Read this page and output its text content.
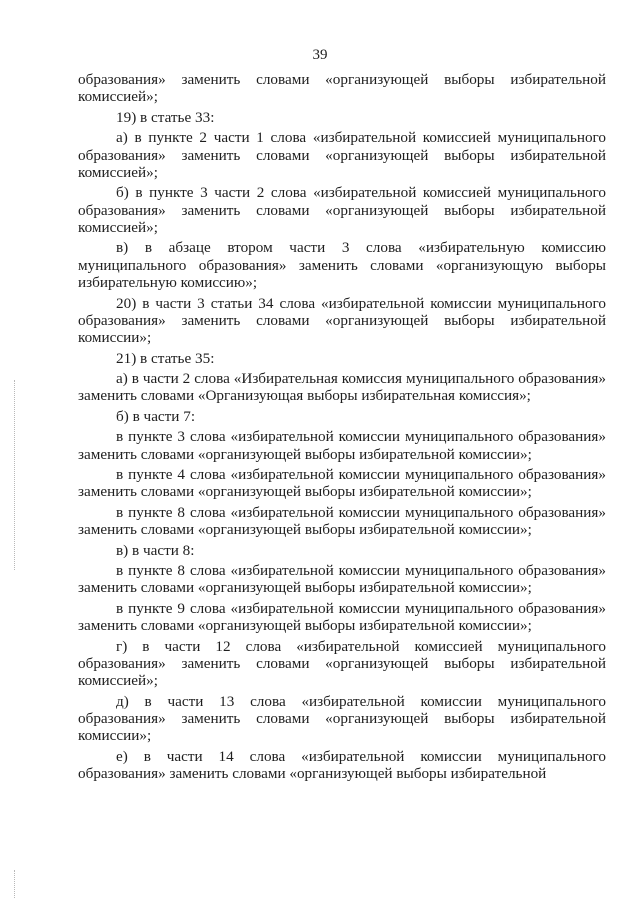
39

образования» заменить словами «организующей выборы избирательной комиссией»;

19) в статье 33:

а) в пункте 2 части 1 слова «избирательной комиссией муниципального образования» заменить словами «организующей выборы избирательной комиссией»;

б) в пункте 3 части 2 слова «избирательной комиссией муниципального образования» заменить словами «организующей выборы избирательной комиссией»;

в) в абзаце втором части 3 слова «избирательную комиссию муниципального образования» заменить словами «организующую выборы избирательную комиссию»;

20) в части 3 статьи 34 слова «избирательной комиссии муниципального образования» заменить словами «организующей выборы избирательной комиссии»;

21) в статье 35:

а) в части 2 слова «Избирательная комиссия муниципального образования» заменить словами «Организующая выборы избирательная комиссия»;

б) в части 7:

в пункте 3 слова «избирательной комиссии муниципального образования» заменить словами «организующей выборы избирательной комиссии»;

в пункте 4 слова «избирательной комиссии муниципального образования» заменить словами «организующей выборы избирательной комиссии»;

в пункте 8 слова «избирательной комиссии муниципального образования» заменить словами «организующей выборы избирательной комиссии»;

в) в части 8:

в пункте 8 слова «избирательной комиссии муниципального образования» заменить словами «организующей выборы избирательной комиссии»;

в пункте 9 слова «избирательной комиссии муниципального образования» заменить словами «организующей выборы избирательной комиссии»;

г) в части 12 слова «избирательной комиссией муниципального образования» заменить словами «организующей выборы избирательной комиссией»;

д) в части 13 слова «избирательной комиссии муниципального образования» заменить словами «организующей выборы избирательной комиссии»;

е) в части 14 слова «избирательной комиссии муниципального образования» заменить словами «организующей выборы избирательной
